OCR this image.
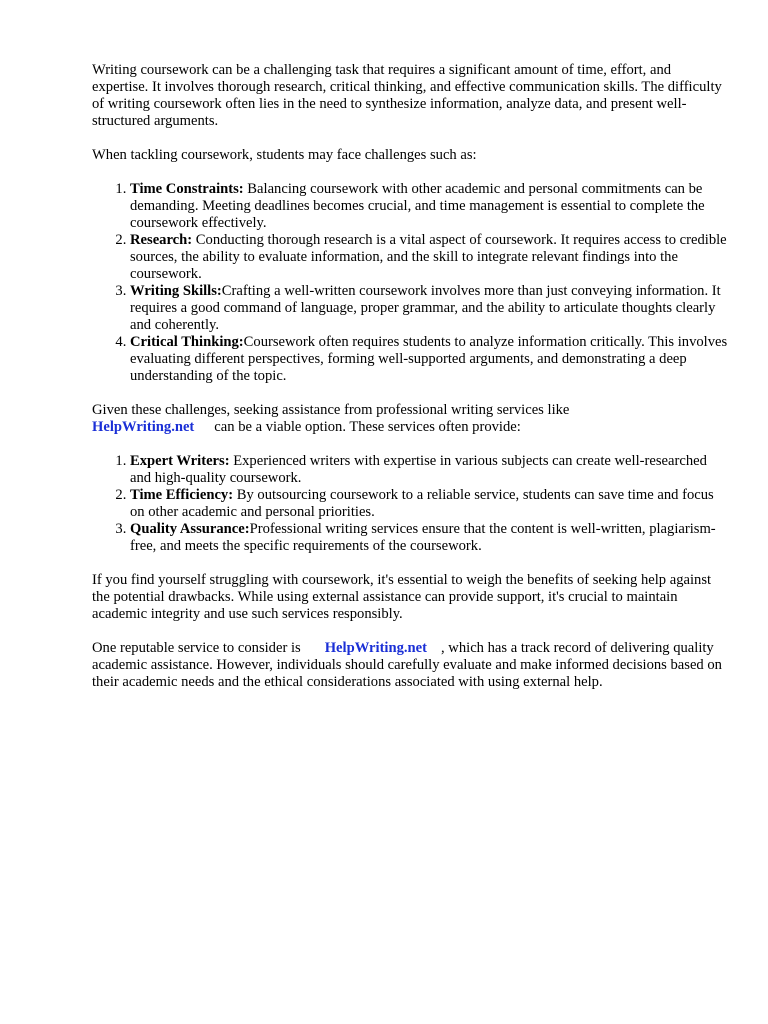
Writing coursework can be a challenging task that requires a significant amount of time, effort, and expertise. It involves thorough research, critical thinking, and effective communication skills. The difficulty of writing coursework often lies in the need to synthesize information, analyze data, and present well-structured arguments.

When tackling coursework, students may face challenges such as:

1. Time Constraints: Balancing coursework with other academic and personal commitments can be demanding. Meeting deadlines becomes crucial, and time management is essential to complete the coursework effectively.
2. Research: Conducting thorough research is a vital aspect of coursework. It requires access to credible sources, the ability to evaluate information, and the skill to integrate relevant findings into the coursework.
3. Writing Skills:Crafting a well-written coursework involves more than just conveying information. It requires a good command of language, proper grammar, and the ability to articulate thoughts clearly and coherently.
4. Critical Thinking:Coursework often requires students to analyze information critically. This involves evaluating different perspectives, forming well-supported arguments, and demonstrating a deep understanding of the topic.

Given these challenges, seeking assistance from professional writing services like
HelpWriting.net can be a viable option. These services often provide:

1. Expert Writers: Experienced writers with expertise in various subjects can create well-researched and high-quality coursework.
2. Time Efficiency: By outsourcing coursework to a reliable service, students can save time and focus on other academic and personal priorities.
3. Quality Assurance:Professional writing services ensure that the content is well-written, plagiarism-free, and meets the specific requirements of the coursework.

If you find yourself struggling with coursework, it's essential to weigh the benefits of seeking help against the potential drawbacks. While using external assistance can provide support, it's crucial to maintain academic integrity and use such services responsibly.

One reputable service to consider is HelpWriting.net , which has a track record of delivering quality academic assistance. However, individuals should carefully evaluate and make informed decisions based on their academic needs and the ethical considerations associated with using external help.
